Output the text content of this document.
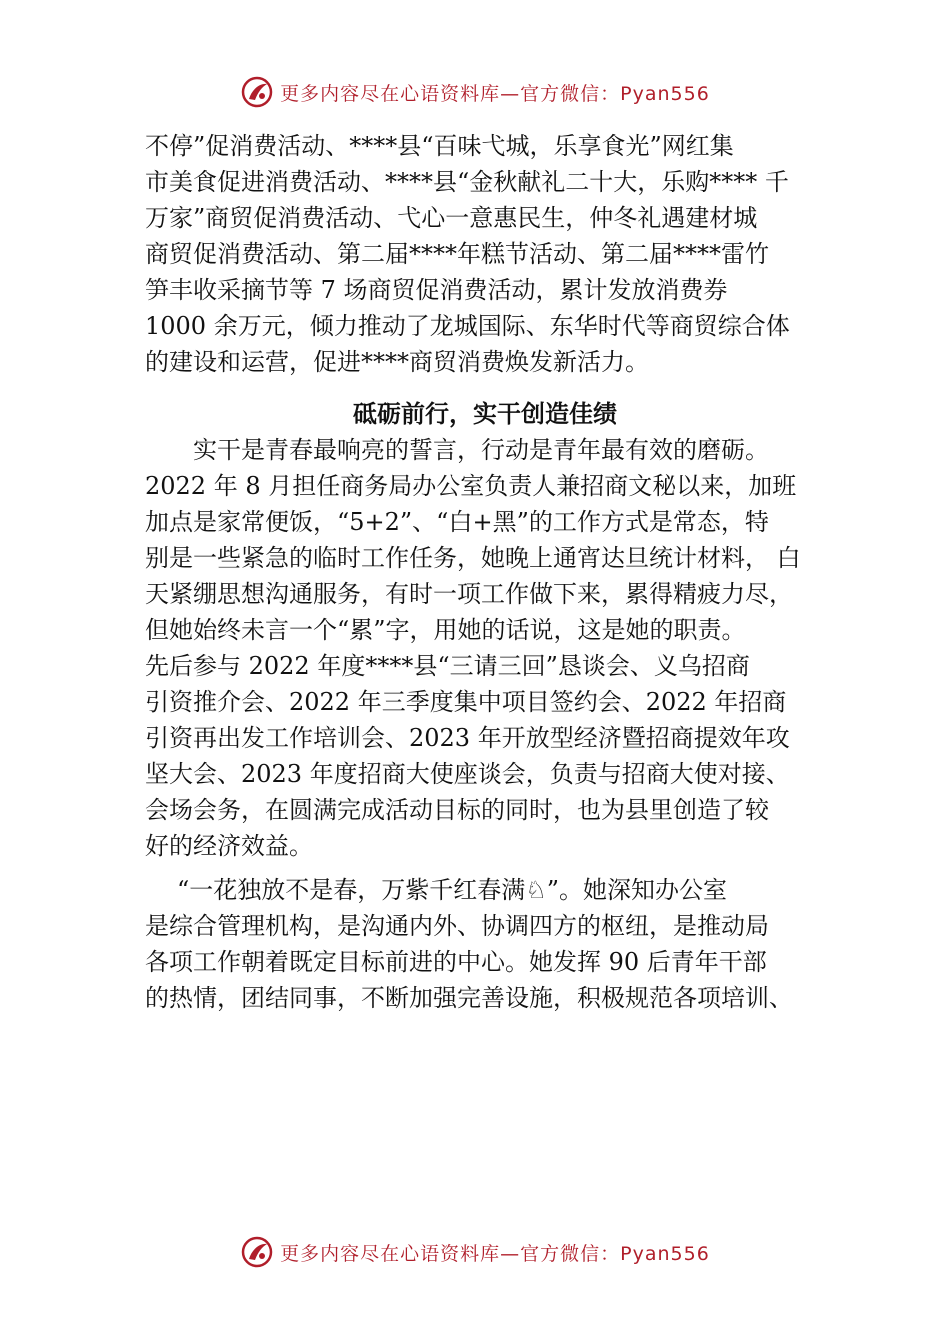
更多内容尽在心语资料库—官方微信：Pyan556
不停”促消费活动、****县“百味弋城，乐享食光”网红集
市美食促进消费活动、****县“金秋献礼二十大，乐购**** 千
万家”商贸促消费活动、弋心一意惠民生，仲冬礼遇建材城
商贸促消费活动、第二届****年糕节活动、第二届****雷竹
笋丰收采摘节等 7 场商贸促消费活动，累计发放消费券
1000 余万元，倾力推动了龙城国际、东华时代等商贸综合体
的建设和运营，促进****商贸消费焕发新活力。
砥砺前行，实干创造佳绩
实干是青春最响亮的誓言，行动是青年最有效的磨砺。
2022 年 8 月担任商务局办公室负责人兼招商文秘以来，加班
加点是家常便饭，“5+2”、“白+黑”的工作方式是常态，特
别是一些紧急的临时工作任务，她晚上通宵达旦统计材料， 白
天紧绷思想沟通服务，有时一项工作做下来，累得精疲力尽，
但她始终未言一个“累”字，用她的话说，这是她的职责。
先后参与 2022 年度****县“三请三回”恳谈会、义乌招商
引资推介会、2022 年三季度集中项目签约会、2022 年招商
引资再出发工作培训会、2023 年开放型经济暨招商提效年攻
坚大会、2023 年度招商大使座谈会，负责与招商大使对接、
会场会务，在圆满完成活动目标的同时，也为县里创造了较
好的经济效益。
“一花独放不是春，万紫千红春满♘”。她深知办公室
是综合管理机构，是沟通内外、协调四方的枢纽，是推动局
各项工作朝着既定目标前进的中心。她发挥 90 后青年干部
的热情，团结同事，不断加强完善设施，积极规范各项培训、
更多内容尽在心语资料库—官方微信：Pyan556
